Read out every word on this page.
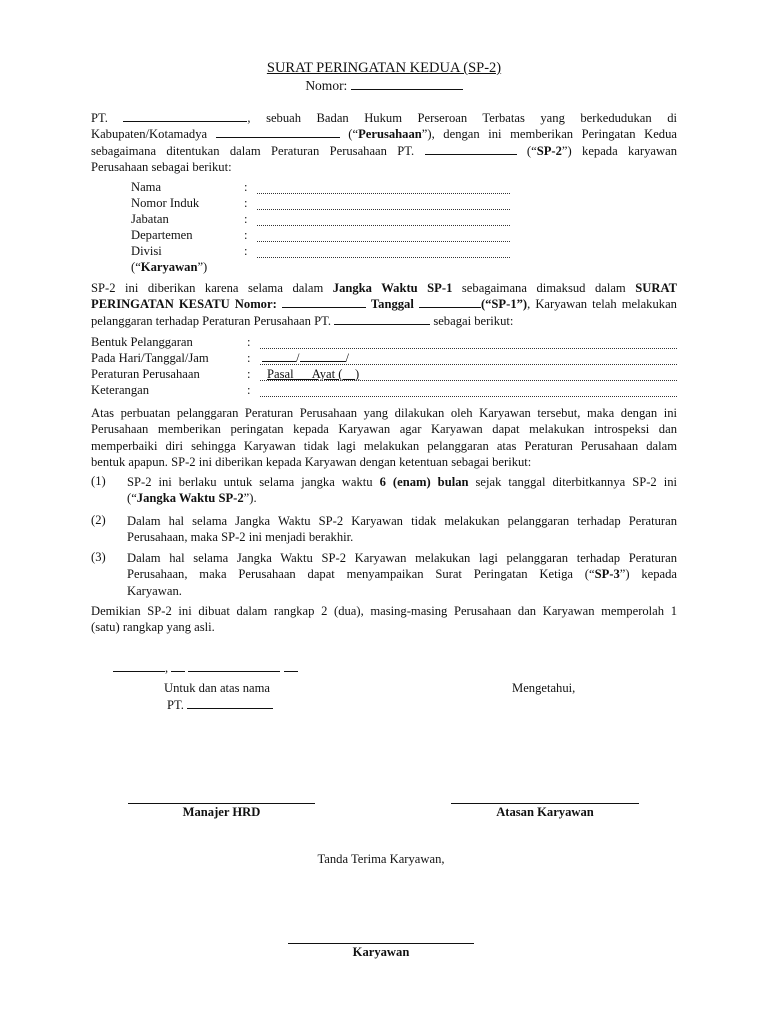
SURAT PERINGATAN KEDUA (SP-2)
Nomor:
PT.	, sebuah Badan Hukum Perseroan Terbatas yang berkedudukan di
Kabupaten/Kotamadya	(“Perusahaan”), dengan ini memberikan Peringatan Kedua
sebagaimana ditentukan dalam Peraturan Perusahaan PT.	(“SP-2”) kepada karyawan
Perusahaan sebagai berikut:
Nama	:
Nomor Induk	:
Jabatan	:
Departemen	:
Divisi	:
(“Karyawan”)
SP-2 ini diberikan karena selama dalam Jangka Waktu SP-1 sebagaimana dimaksud dalam SURAT
PERINGATAN KESATU Nomor:	Tanggal	(“SP-1”), Karyawan telah melakukan
pelanggaran terhadap Peraturan Perusahaan PT.	sebagai berikut:
Bentuk Pelanggaran	:
Pada Hari/Tanggal/Jam	:	/	/
Peraturan Perusahaan	: Pasal __ Ayat (__)
Keterangan	:
Atas perbuatan pelanggaran Peraturan Perusahaan yang dilakukan oleh Karyawan tersebut, maka dengan ini
Perusahaan memberikan peringatan kepada Karyawan agar Karyawan dapat melakukan introspeksi dan
memperbaiki diri sehingga Karyawan tidak lagi melakukan pelanggaran atas Peraturan Perusahaan dalam
bentuk apapun. SP-2 ini diberikan kepada Karyawan dengan ketentuan sebagai berikut:
(1) SP-2 ini berlaku untuk selama jangka waktu 6 (enam) bulan sejak tanggal diterbitkannya SP-2 ini
(“Jangka Waktu SP-2”).
(2) Dalam hal selama Jangka Waktu SP-2 Karyawan tidak melakukan pelanggaran terhadap Peraturan
Perusahaan, maka SP-2 ini menjadi berakhir.
(3) Dalam hal selama Jangka Waktu SP-2 Karyawan melakukan lagi pelanggaran terhadap Peraturan
Perusahaan, maka Perusahaan dapat menyampaikan Surat Peringatan Ketiga (“SP-3”) kepada
Karyawan.
Demikian SP-2 ini dibuat dalam rangkap 2 (dua), masing-masing Perusahaan dan Karyawan memperolah 1
(satu) rangkap yang asli.
,
Untuk dan atas nama
PT.
Mengetahui,
Manajer HRD	Atasan Karyawan
Tanda Terima Karyawan,
Karyawan
